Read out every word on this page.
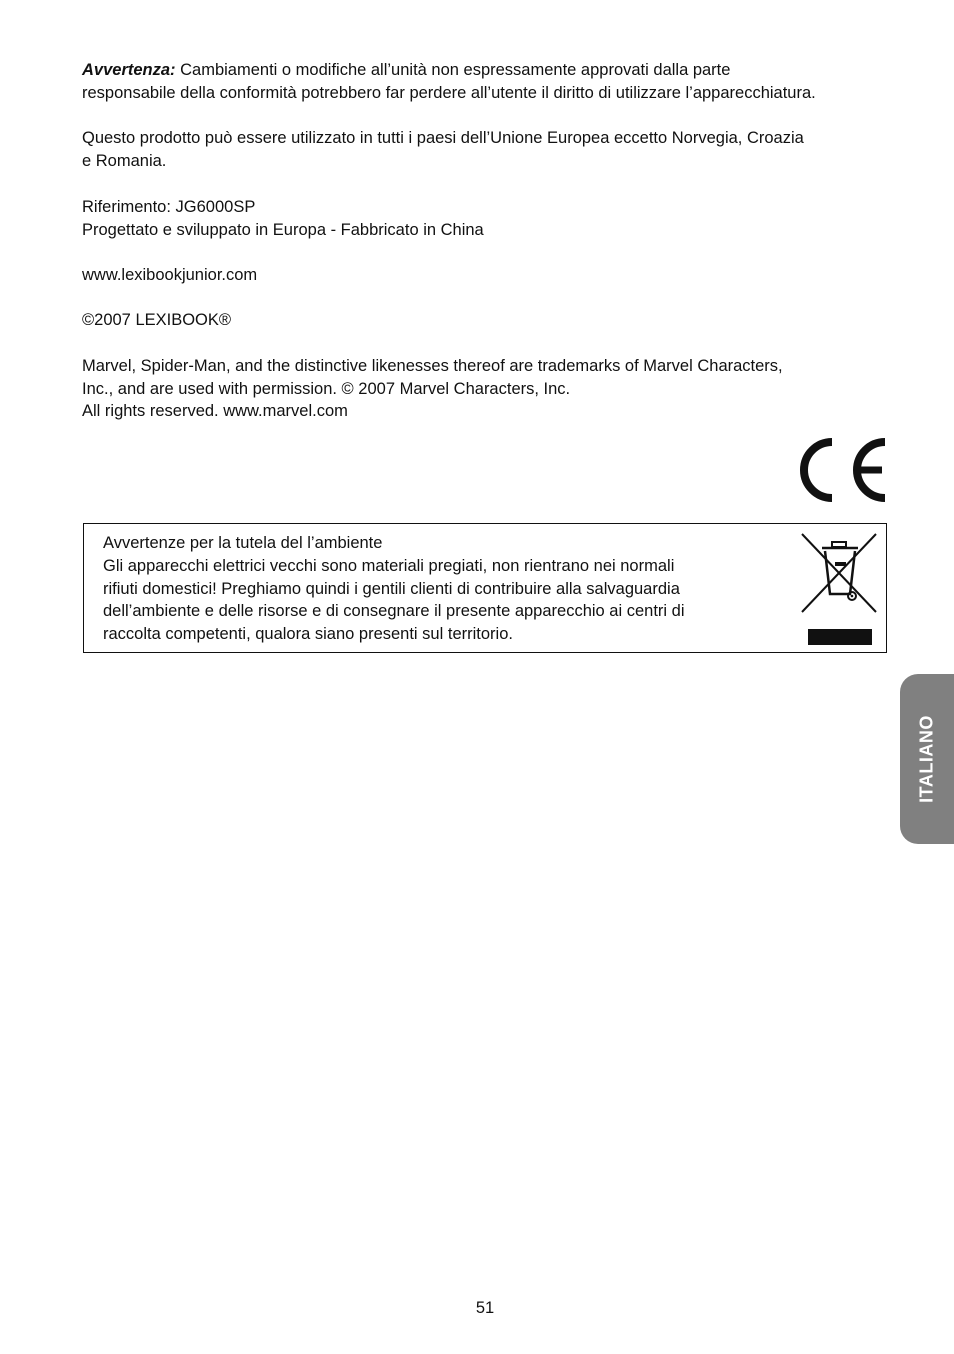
Avvertenza: Cambiamenti o modifiche all’unità non espressamente approvati dalla parte
responsabile della conformità potrebbero far perdere all’utente il diritto di utilizzare l’apparecchiatura.

Questo prodotto può essere utilizzato in tutti i paesi dell’Unione Europea eccetto Norvegia, Croazia
e Romania.

Riferimento: JG6000SP
Progettato e sviluppato in Europa - Fabbricato in China

www.lexibookjunior.com

©2007 LEXIBOOK®

Marvel, Spider-Man, and the distinctive likenesses thereof are trademarks of Marvel Characters,
Inc., and are used with permission. © 2007 Marvel Characters, Inc.
All rights reserved. www.marvel.com

Avvertenze per la tutela del l’ambiente
Gli apparecchi elettrici vecchi sono materiali pregiati, non rientrano nei normali
rifiuti domestici! Preghiamo quindi i gentili clienti di contribuire alla salvaguardia
dell’ambiente e delle risorse e di consegnare il presente apparecchio ai centri di
raccolta competenti, qualora siano presenti sul territorio.
ITALIANO
51
